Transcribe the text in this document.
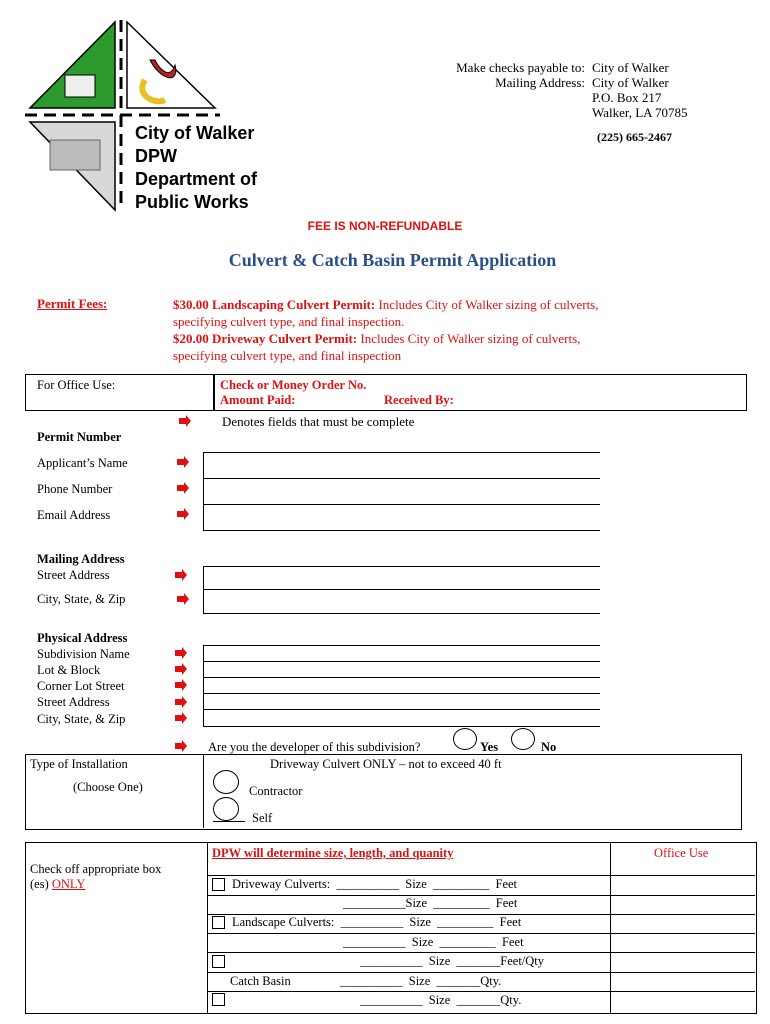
City of Walker
DPW
Department of
Public Works
Make checks payable to: City of Walker
Mailing Address: City of Walker
P.O. Box 217
Walker, LA 70785
(225) 665-2467
FEE IS NON-REFUNDABLE
Culvert & Catch Basin Permit Application
Permit Fees:	$30.00 Landscaping Culvert Permit: Includes City of Walker sizing of culverts,
specifying culvert type, and final inspection.
$20.00 Driveway Culvert Permit: Includes City of Walker sizing of culverts,
specifying culvert type, and final inspection
For Office Use:	Check or Money Order No.
Amount Paid:	Received By:
Denotes fields that must be complete
Permit Number
Applicant’s Name
Phone Number
Email Address
Mailing Address
Street Address
City, State, & Zip
Physical Address
Subdivision Name
Lot & Block
Corner Lot Street
Street Address
City, State, & Zip
Are you the developer of this subdivision?	Yes	No
Type of Installation
(Choose One)
Driveway Culvert ONLY – not to exceed 40 ft
Contractor
Self
Check off appropriate box
(es) ONLY
DPW will determine size, length, and quanity	Office Use
Driveway Culverts:  __________  Size  _________  Feet
__________Size  _________  Feet
Landscape Culverts:  __________  Size  _________  Feet
__________  Size  _________  Feet
__________  Size  _______Feet/Qty
Catch Basin	__________  Size  _______Qty.
__________  Size  _______Qty.
